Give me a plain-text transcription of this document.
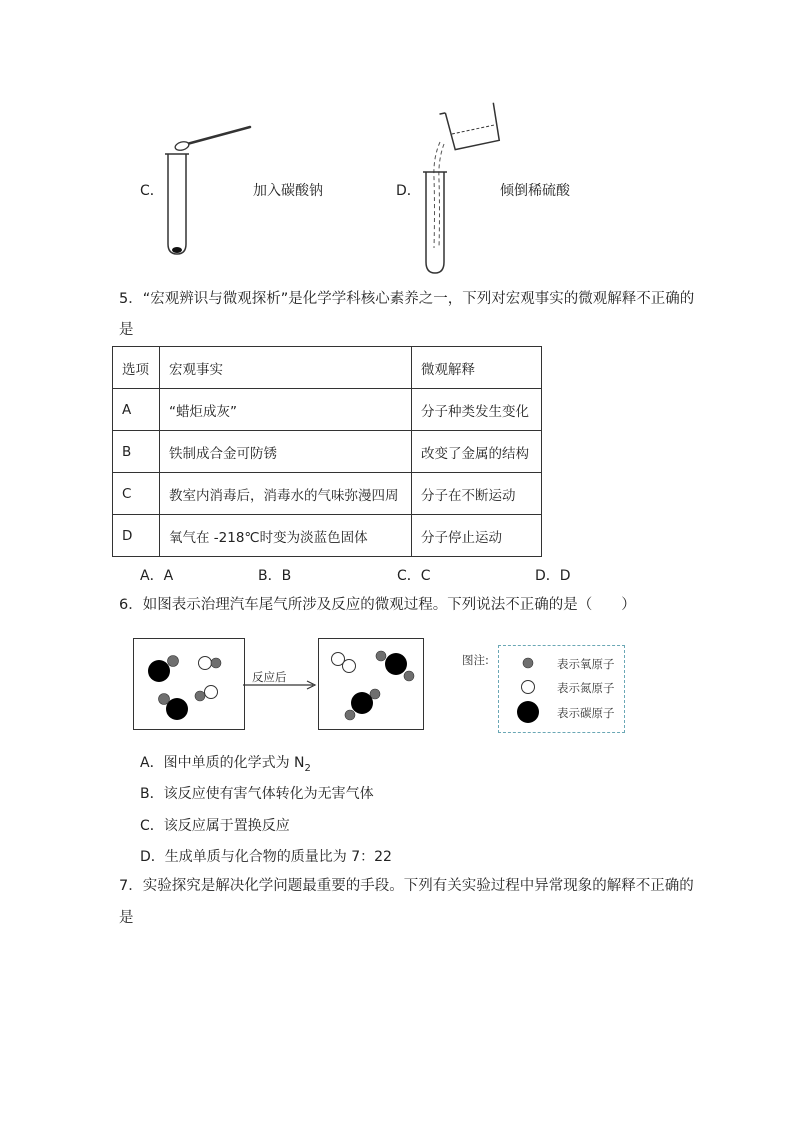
C．	加入碳酸钠	D．	倾倒稀硫酸
5．“宏观辨识与微观探析”是化学学科核心素养之一，下列对宏观事实的微观解释不正确的
是
选项	宏观事实	微观解释
A	“蜡炬成灰”	分子种类发生变化
B	铁制成合金可防锈	改变了金属的结构
C	教室内消毒后，消毒水的气味弥漫四周	分子在不断运动
D	氧气在 -218℃时变为淡蓝色固体	分子停止运动
A．A	B．B	C．C	D．D
6．如图表示治理汽车尾气所涉及反应的微观过程。下列说法不正确的是（　　）
反应后
图注:	表示氧原子
表示氮原子
表示碳原子
A．图中单质的化学式为 $N_2$
B．该反应使有害气体转化为无害气体
C．该反应属于置换反应
D．生成单质与化合物的质量比为 7：22
7．实验探究是解决化学问题最重要的手段。下列有关实验过程中异常现象的解释不正确的
是
